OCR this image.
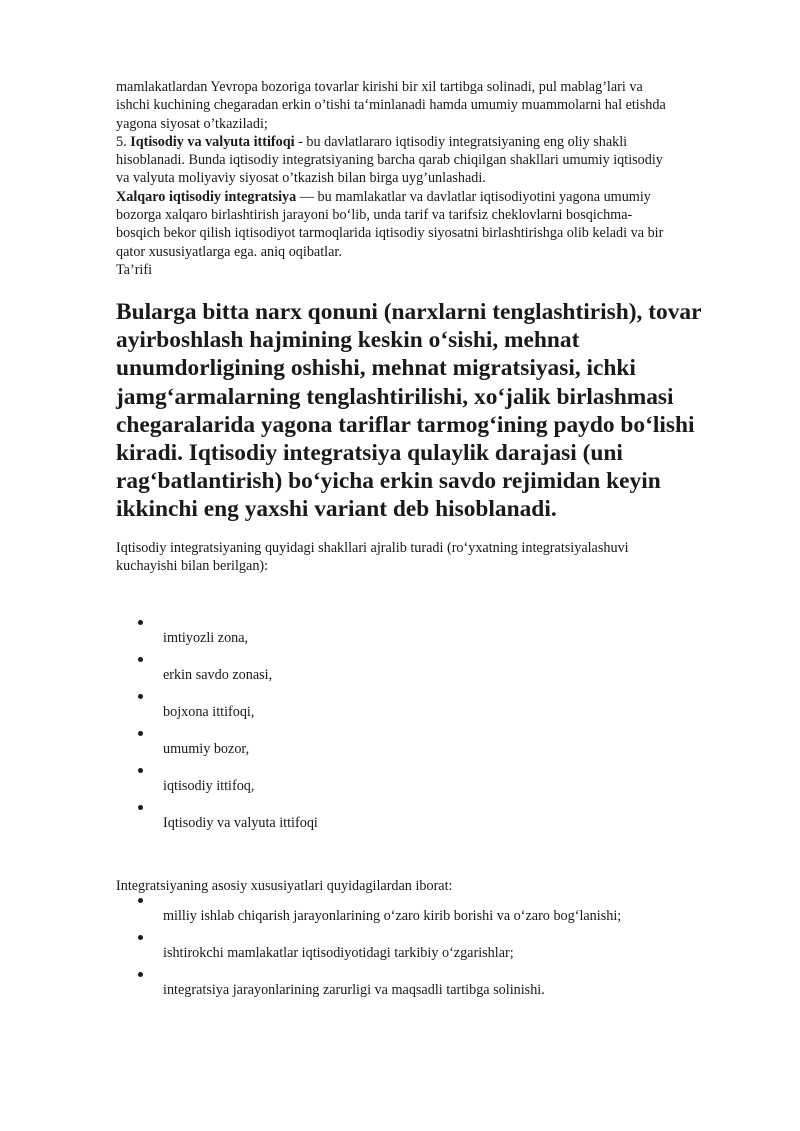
mamlakatlardan Yevropa bozoriga tovarlar kirishi bir xil tartibga solinadi, pul mablag’lari va
ishchi kuchining chegaradan erkin o’tishi ta‘minlanadi hamda umumiy muammolarni hal etishda
yagona siyosat o’tkaziladi;
5. Iqtisodiy va valyuta ittifoqi - bu davlatlararo iqtisodiy integratsiyaning eng oliy shakli
hisoblanadi. Bunda iqtisodiy integratsiyaning barcha qarab chiqilgan shakllari umumiy iqtisodiy
va valyuta moliyaviy siyosat o’tkazish bilan birga uyg’unlashadi.
Xalqaro iqtisodiy integratsiya — bu mamlakatlar va davlatlar iqtisodiyotini yagona umumiy
bozorga xalqaro birlashtirish jarayoni boʻlib, unda tarif va tarifsiz cheklovlarni bosqichma-
bosqich bekor qilish iqtisodiyot tarmoqlarida iqtisodiy siyosatni birlashtirishga olib keladi va bir
qator xususiyatlarga ega. aniq oqibatlar.
Ta’rifi

Bularga bitta narx qonuni (narxlarni tenglashtirish), tovar
ayirboshlash hajmining keskin oʻsishi, mehnat
unumdorligining oshishi, mehnat migratsiyasi, ichki
jamgʻarmalarning tenglashtirilishi, xoʻjalik birlashmasi
chegaralarida yagona tariflar tarmogʻining paydo boʻlishi
kiradi. Iqtisodiy integratsiya qulaylik darajasi (uni
ragʻbatlantirish) boʻyicha erkin savdo rejimidan keyin
ikkinchi eng yaxshi variant deb hisoblanadi.

Iqtisodiy integratsiyaning quyidagi shakllari ajralib turadi (roʻyxatning integratsiyalashuvi
kuchayishi bilan berilgan):

imtiyozli zona,
erkin savdo zonasi,
bojxona ittifoqi,
umumiy bozor,
iqtisodiy ittifoq,
Iqtisodiy va valyuta ittifoqi

Integratsiyaning asosiy xususiyatlari quyidagilardan iborat:

milliy ishlab chiqarish jarayonlarining oʻzaro kirib borishi va oʻzaro bogʻlanishi;
ishtirokchi mamlakatlar iqtisodiyotidagi tarkibiy oʻzgarishlar;
integratsiya jarayonlarining zarurligi va maqsadli tartibga solinishi.
